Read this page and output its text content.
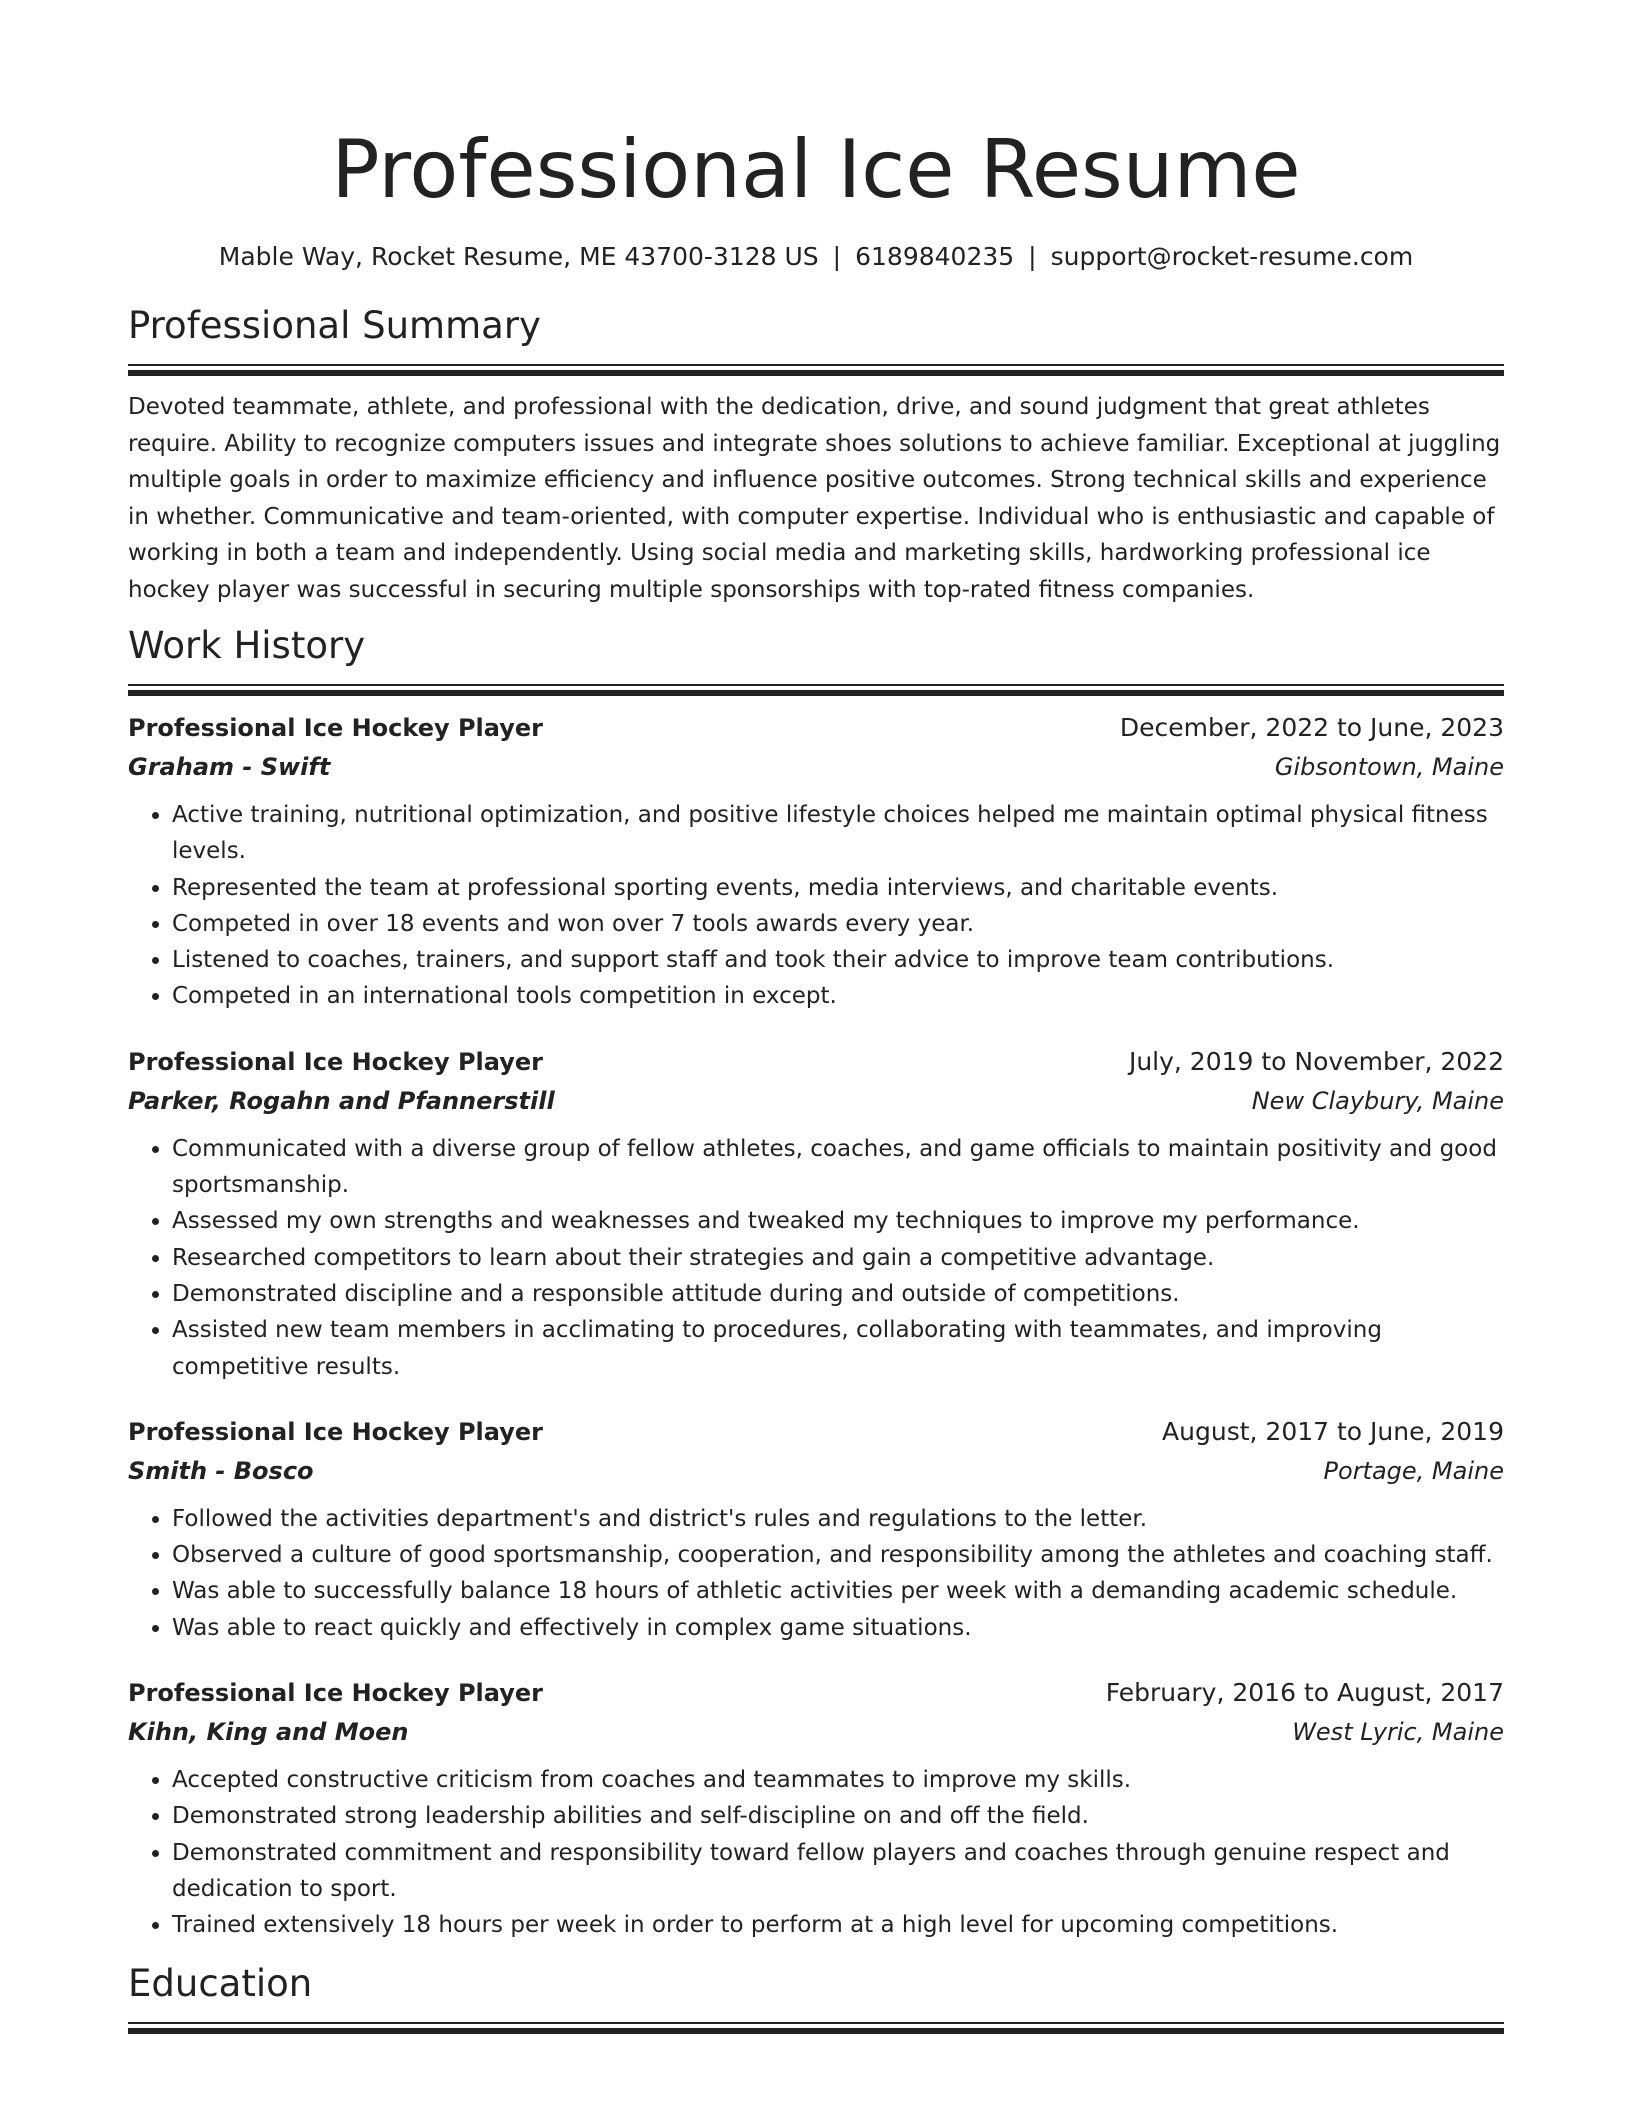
Professional Ice Resume
Mable Way, Rocket Resume, ME 43700-3128 US | 6189840235 | support@rocket-resume.com
Professional Summary

Devoted teammate, athlete, and professional with the dedication, drive, and sound judgment that great athletes require. Ability to recognize computers issues and integrate shoes solutions to achieve familiar. Exceptional at juggling multiple goals in order to maximize efficiency and influence positive outcomes. Strong technical skills and experience in whether. Communicative and team-oriented, with computer expertise. Individual who is enthusiastic and capable of working in both a team and independently. Using social media and marketing skills, hardworking professional ice hockey player was successful in securing multiple sponsorships with top-rated fitness companies.

Work History
Professional Ice Hockey Player	December, 2022 to June, 2023
Graham - Swift	Gibsontown, Maine
• Active training, nutritional optimization, and positive lifestyle choices helped me maintain optimal physical fitness levels.
• Represented the team at professional sporting events, media interviews, and charitable events.
• Competed in over 18 events and won over 7 tools awards every year.
• Listened to coaches, trainers, and support staff and took their advice to improve team contributions.
• Competed in an international tools competition in except.
Professional Ice Hockey Player	July, 2019 to November, 2022
Parker, Rogahn and Pfannerstill	New Claybury, Maine
• Communicated with a diverse group of fellow athletes, coaches, and game officials to maintain positivity and good sportsmanship.
• Assessed my own strengths and weaknesses and tweaked my techniques to improve my performance.
• Researched competitors to learn about their strategies and gain a competitive advantage.
• Demonstrated discipline and a responsible attitude during and outside of competitions.
• Assisted new team members in acclimating to procedures, collaborating with teammates, and improving competitive results.
Professional Ice Hockey Player	August, 2017 to June, 2019
Smith - Bosco	Portage, Maine
• Followed the activities department's and district's rules and regulations to the letter.
• Observed a culture of good sportsmanship, cooperation, and responsibility among the athletes and coaching staff.
• Was able to successfully balance 18 hours of athletic activities per week with a demanding academic schedule.
• Was able to react quickly and effectively in complex game situations.
Professional Ice Hockey Player	February, 2016 to August, 2017
Kihn, King and Moen	West Lyric, Maine
• Accepted constructive criticism from coaches and teammates to improve my skills.
• Demonstrated strong leadership abilities and self-discipline on and off the field.
• Demonstrated commitment and responsibility toward fellow players and coaches through genuine respect and dedication to sport.
• Trained extensively 18 hours per week in order to perform at a high level for upcoming competitions.
Education
